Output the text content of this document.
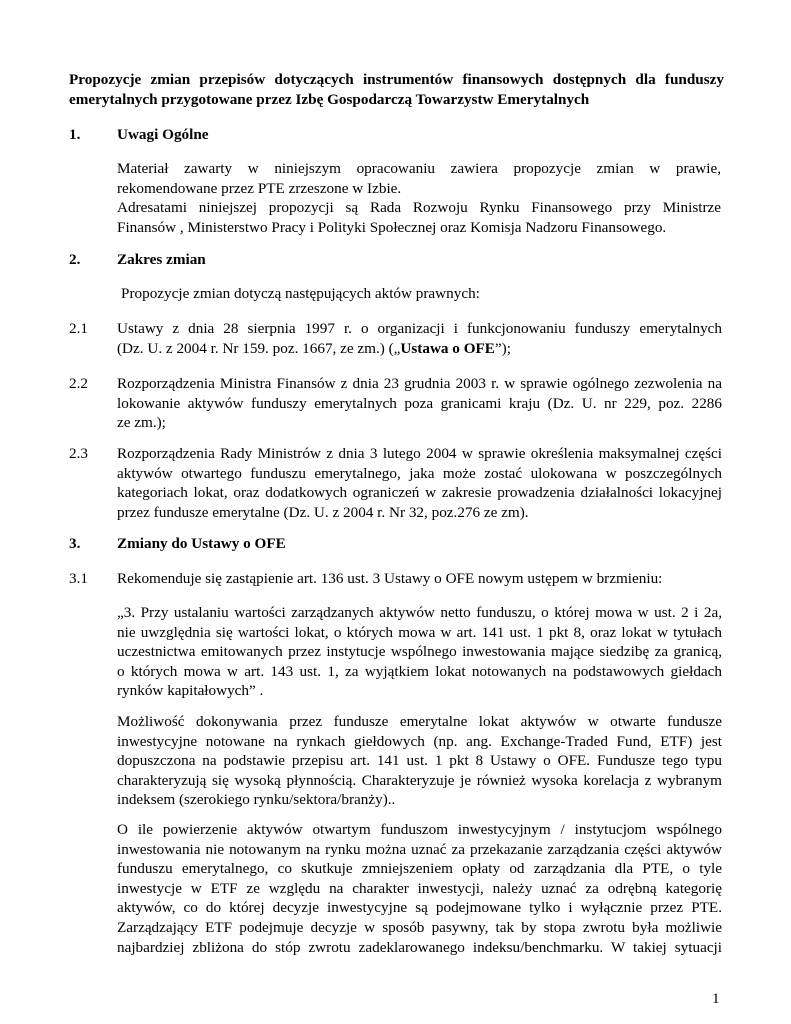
Propozycje zmian przepisów dotyczących instrumentów finansowych dostępnych dla funduszy
emerytalnych przygotowane przez Izbę Gospodarczą Towarzystw Emerytalnych
1. Uwagi Ogólne
Materiał zawarty w niniejszym opracowaniu zawiera propozycje zmian w prawie,
rekomendowane przez PTE zrzeszone w Izbie.
Adresatami niniejszej propozycji są Rada Rozwoju Rynku Finansowego przy Ministrze
Finansów , Ministerstwo Pracy i Polityki Społecznej oraz Komisja Nadzoru Finansowego.
2. Zakres zmian
Propozycje zmian dotyczą następujących aktów prawnych:
2.1 Ustawy z dnia 28 sierpnia 1997 r. o organizacji i funkcjonowaniu funduszy emerytalnych
(Dz. U. z 2004 r. Nr 159. poz. 1667, ze zm.) („Ustawa o OFE”);
2.2 Rozporządzenia Ministra Finansów z dnia 23 grudnia 2003 r. w sprawie ogólnego zezwolenia na
lokowanie aktywów funduszy emerytalnych poza granicami kraju (Dz. U. nr 229, poz. 2286
ze zm.);
2.3 Rozporządzenia Rady Ministrów z dnia 3 lutego 2004 w sprawie określenia maksymalnej części
aktywów otwartego funduszu emerytalnego, jaka może zostać ulokowana w poszczególnych
kategoriach lokat, oraz dodatkowych ograniczeń w zakresie prowadzenia działalności lokacyjnej
przez fundusze emerytalne (Dz. U. z 2004 r. Nr 32, poz.276 ze zm).
3. Zmiany do Ustawy o OFE
3.1 Rekomenduje się zastąpienie art. 136 ust. 3 Ustawy o OFE nowym ustępem w brzmieniu:
„3. Przy ustalaniu wartości zarządzanych aktywów netto funduszu, o której mowa w ust. 2 i 2a,
nie uwzględnia się wartości lokat, o których mowa w art. 141 ust. 1 pkt 8, oraz lokat w tytułach
uczestnictwa emitowanych przez instytucje wspólnego inwestowania mające siedzibę za granicą,
o których mowa w art. 143 ust. 1, za wyjątkiem lokat notowanych na podstawowych giełdach
rynków kapitałowych” .
Możliwość dokonywania przez fundusze emerytalne lokat aktywów w otwarte fundusze
inwestycyjne notowane na rynkach giełdowych (np. ang. Exchange-Traded Fund, ETF) jest
dopuszczona na podstawie przepisu art. 141 ust. 1 pkt 8 Ustawy o OFE. Fundusze tego typu
charakteryzują się wysoką płynnością. Charakteryzuje je również wysoka korelacja z wybranym
indeksem (szerokiego rynku/sektora/branży)..
O ile powierzenie aktywów otwartym funduszom inwestycyjnym / instytucjom wspólnego
inwestowania nie notowanym na rynku można uznać za przekazanie zarządzania części aktywów
funduszu emerytalnego, co skutkuje zmniejszeniem opłaty od zarządzania dla PTE, o tyle
inwestycje w ETF ze względu na charakter inwestycji, należy uznać za odrębną kategorię
aktywów, co do której decyzje inwestycyjne są podejmowane tylko i wyłącznie przez PTE.
Zarządzający ETF podejmuje decyzje w sposób pasywny, tak by stopa zwrotu była możliwie
najbardziej zbliżona do stóp zwrotu zadeklarowanego indeksu/benchmarku. W takiej sytuacji
1
